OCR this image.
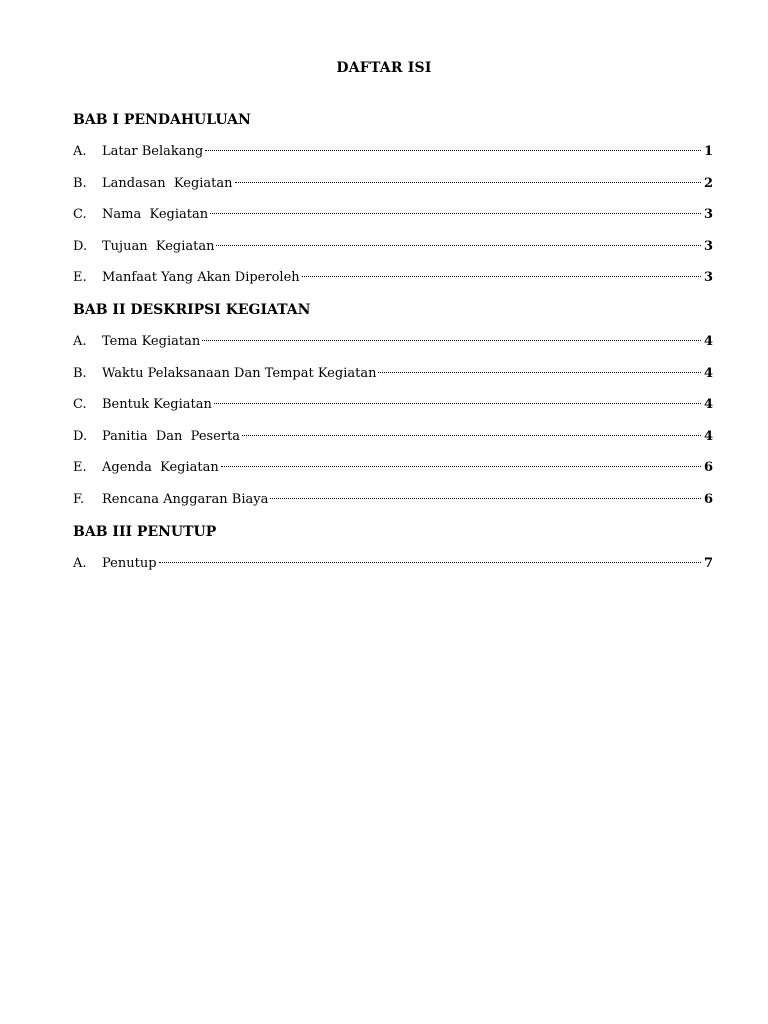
DAFTAR ISI
BAB I PENDAHULUAN
A.	Latar Belakang	1
B.	Landasan  Kegiatan	2
C.	Nama  Kegiatan	3
D.	Tujuan  Kegiatan	3
E.	Manfaat Yang Akan Diperoleh	3
BAB II DESKRIPSI KEGIATAN
A.	Tema Kegiatan	4
B.	Waktu Pelaksanaan Dan Tempat Kegiatan	4
C.	Bentuk Kegiatan	4
D.	Panitia  Dan  Peserta	4
E.	Agenda  Kegiatan	6
F.	Rencana Anggaran Biaya	6
BAB III PENUTUP
A.	Penutup	7
